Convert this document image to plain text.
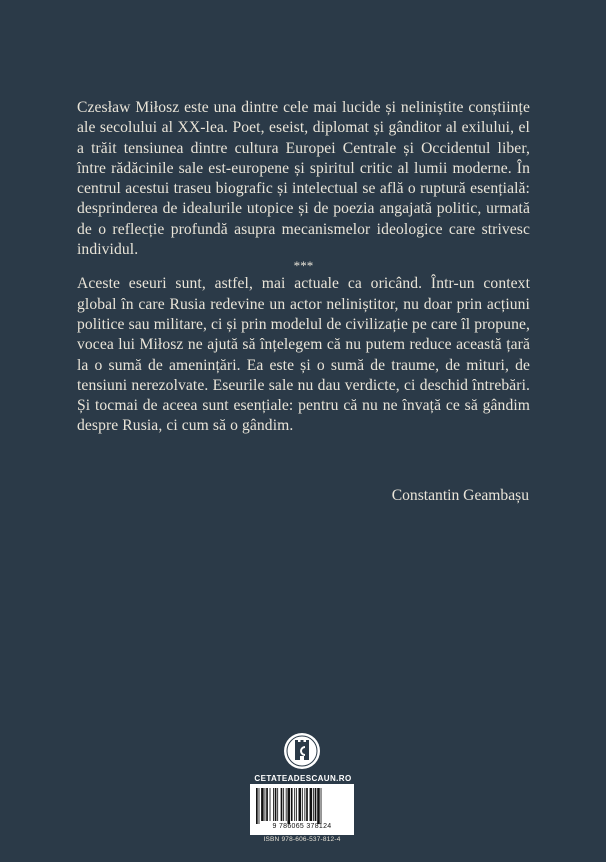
Czesław Miłosz este una dintre cele mai lucide și neliniștite conștiințe ale secolului al XX-lea. Poet, eseist, diplomat și gânditor al exilului, el a trăit tensiunea dintre cultura Europei Centrale și Occidentul liber, între rădăcinile sale est-europene și spiritul critic al lumii moderne. În centrul acestui traseu biografic și intelectual se află o ruptură esențială: desprinderea de idealurile utopice și de poezia angajată politic, urmată de o reflecție profundă asupra mecanismelor ideologice care strivesc individul.

***

Aceste eseuri sunt, astfel, mai actuale ca oricând. Într-un context global în care Rusia redevine un actor neliniștitor, nu doar prin acțiuni politice sau militare, ci și prin modelul de civilizație pe care îl propune, vocea lui Miłosz ne ajută să înțelegem că nu putem reduce această țară la o sumă de amenințări. Ea este și o sumă de traume, de mituri, de tensiuni nerezolvate. Eseurile sale nu dau verdicte, ci deschid întrebări. Și tocmai de aceea sunt esențiale: pentru că nu ne învață ce să gândim despre Rusia, ci cum să o gândim.

Constantin Geambașu
CETATEADESCAUN.RO
9 786065 378124
ISBN 978-606-537-812-4
